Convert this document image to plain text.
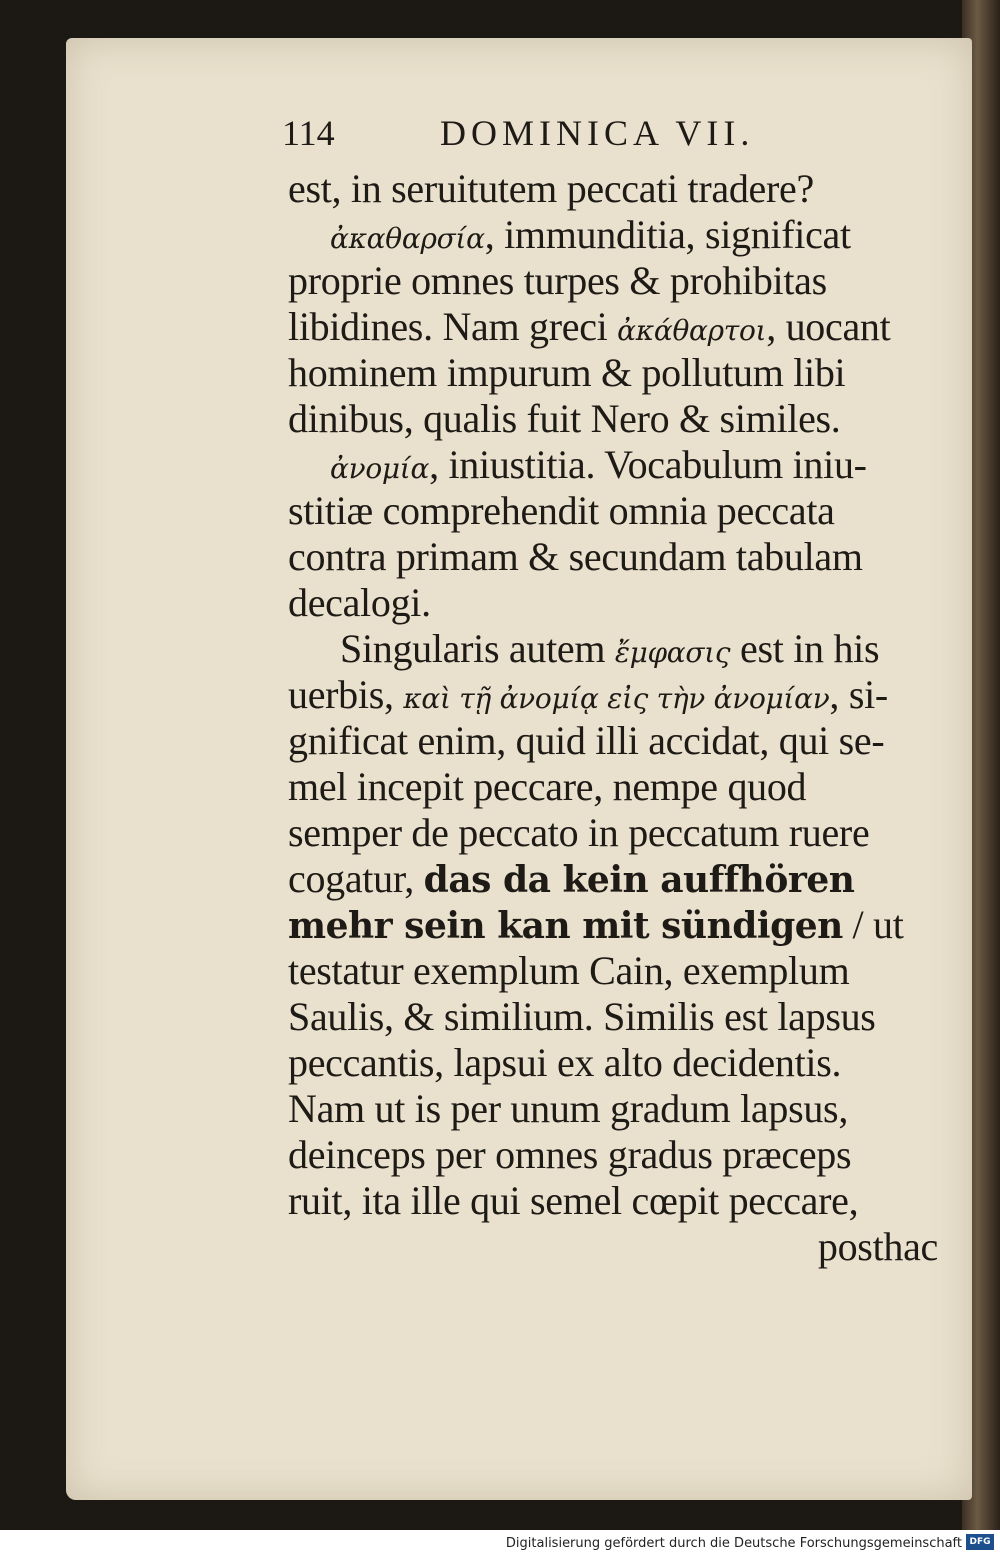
114	DOMINICA VII.
est, in seruitutem peccati tradere?
ἀκαθαρσία, immunditia, significat
proprie omnes turpes & prohibitas
libidines. Nam greci ἀκάθαρτοι, uocant
hominem impurum & pollutum libi
dinibus, qualis fuit Nero & similes.
ἀνομία, iniustitia. Vocabulum iniu-
stitiæ comprehendit omnia peccata
contra primam & secundam tabulam
decalogi.
Singularis autem ἔμφασις est in his
uerbis, καὶ τῇ ἀνομίᾳ εἰς τὴν ἀνομίαν, si-
gnificat enim, quid illi accidat, qui se-
mel incepit peccare, nempe quod
semper de peccato in peccatum ruere
cogatur, das da kein auffhören
mehr sein kan mit sündigen / ut
testatur exemplum Cain, exemplum
Saulis, & similium. Similis est lapsus
peccantis, lapsui ex alto decidentis.
Nam ut is per unum gradum lapsus,
deinceps per omnes gradus præceps
ruit, ita ille qui semel cœpit peccare,
posthac
Digitalisierung gefördert durch die Deutsche Forschungsgemeinschaft DFG
